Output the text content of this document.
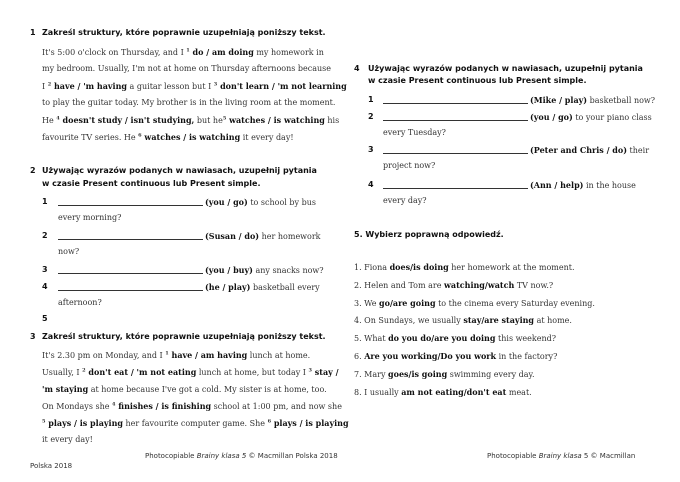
1 Zakreśl struktury, które poprawnie uzupełniają poniższy tekst.
It's 5:00 o'clock on Thursday, and I $^1$ do / am doing my homework in
my bedroom. Usually, I'm not at home on Thursday afternoons because
I $^2$ have / 'm having a guitar lesson but I $^3$ don't learn / 'm not learning
to play the guitar today. My brother is in the living room at the moment.
He $^4$ doesn't study / isn't studying, but $he^5$ watches / is watching his
favourite TV series. He $^6$ watches / is watching it every day!
2 Używając wyrazów podanych w nawiasach, uzupełnij pytania
w czasie Present continuous lub Present simple.
1	(you / go) to school by bus
every morning?
2	(Susan / do) her homework
now?
3	(you / buy) any snacks now?
4	(he / play) basketball every
afternoon?
5
3 Zakreśl struktury, które poprawnie uzupełniają poniższy tekst.
It's 2.30 pm on Monday, and I $^1$ have / am having lunch at home.
Usually, I $^2$ don't eat / 'm not eating lunch at home, but today I $^3$ stay /
'm staying at home because I've got a cold. My sister is at home, too.
On Mondays she $^4$ finishes / is finishing school at 1:00 pm, and now she
$^5$ plays / is playing her favourite computer game. She $^6$ plays / is playing
it every day!
4 Używając wyrazów podanych w nawiasach, uzupełnij pytania
w czasie Present continuous lub Present simple.
1	(Mike / play) basketball now?
2	(you / go) to your piano class
every Tuesday?
3	(Peter and Chris / do) their
project now?
4	(Ann / help) in the house
every day?
5. Wybierz poprawną odpowiedź.
1. Fiona does/is doing her homework at the moment.
2. Helen and Tom are watching/watch TV now.?
3. We go/are going to the cinema every Saturday evening.
4. On Sundays, we usually stay/are staying at home.
5. What do you do/are you doing this weekend?
6. Are you working/Do you work in the factory?
7. Mary goes/is going swimming every day.
8. I usually am not eating/don't eat meat.
Photocopiable Brainy klasa 5 © Macmillan Polska 2018	Photocopiable Brainy klasa 5 © Macmillan
Polska 2018
